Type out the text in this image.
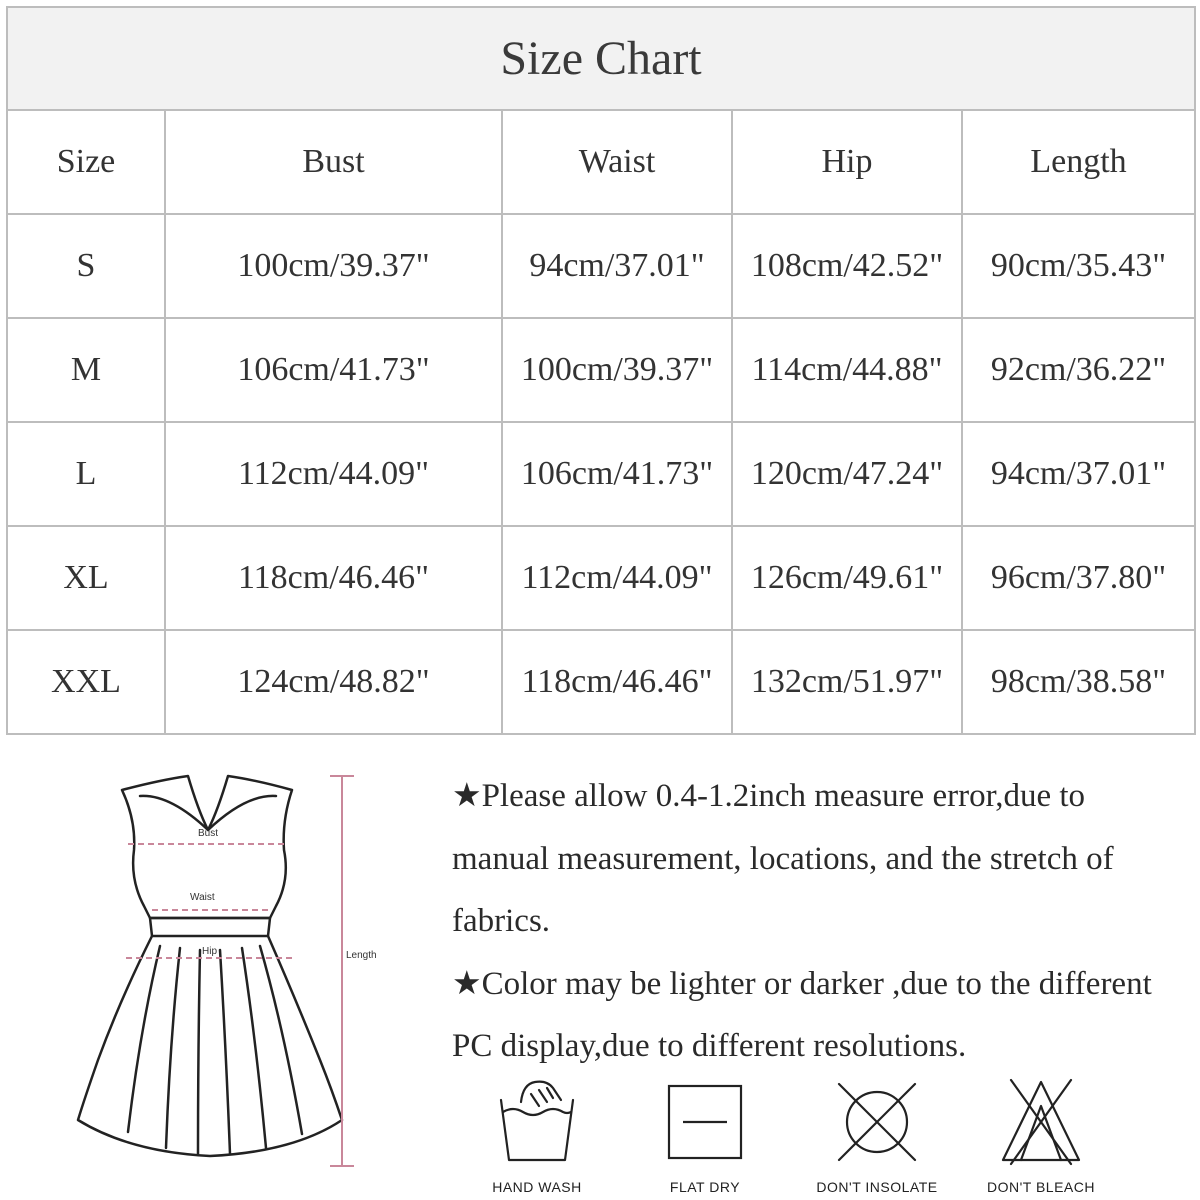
Size Chart				
Size	Bust	Waist	Hip	Length
S	100cm/39.37"	94cm/37.01"	108cm/42.52"	90cm/35.43"
M	106cm/41.73"	100cm/39.37"	114cm/44.88"	92cm/36.22"
L	112cm/44.09"	106cm/41.73"	120cm/47.24"	94cm/37.01"
XL	118cm/46.46"	112cm/44.09"	126cm/49.61"	96cm/37.80"
XXL	124cm/48.82"	118cm/46.46"	132cm/51.97"	98cm/38.58"
Bust
Waist
Hip	Length

★Please allow 0.4-1.2inch measure error,due to manual measurement, locations, and the stretch of fabrics.

★Color may be lighter or darker ,due to the different PC display,due to different resolutions.

HAND WASH	FLAT DRY	DON'T INSOLATE	DON'T BLEACH
